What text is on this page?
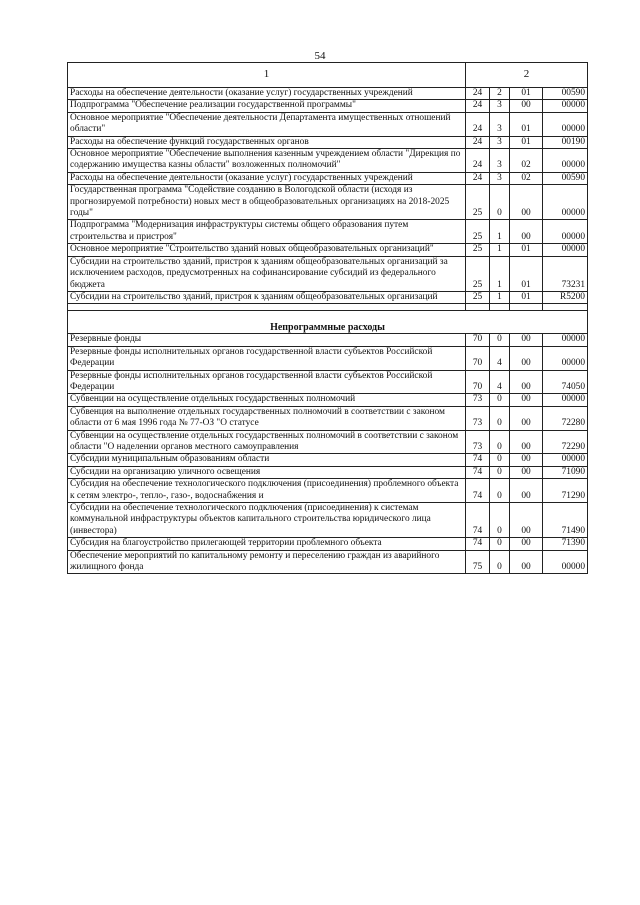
54
1	2			
Расходы на обеспечение деятельности (оказание услуг) государственных учреждений	24	2	01	00590
Подпрограмма "Обеспечение реализации государственной программы"	24	3	00	00000
Основное мероприятие "Обеспечение деятельности Департамента имущественных отношений области"	24	3	01	00000
Расходы на обеспечение функций государственных органов	24	3	01	00190
Основное мероприятие "Обеспечение выполнения казенным учреждением области "Дирекция по содержанию имущества казны области" возложенных полномочий"	24	3	02	00000
Расходы на обеспечение деятельности (оказание услуг) государственных учреждений	24	3	02	00590
Государственная программа "Содействие созданию в Вологодской области (исходя из прогнозируемой потребности) новых мест в общеобразовательных организациях на 2018-2025 годы"	25	0	00	00000
Подпрограмма "Модернизация инфраструктуры системы общего образования путем строительства и пристроя"	25	1	00	00000
Основное мероприятие "Строительство зданий новых общеобразовательных организаций"	25	1	01	00000
Субсидии на строительство зданий, пристроя к зданиям общеобразовательных организаций за исключением расходов, предусмотренных на софинансирование субсидий из федерального бюджета	25	1	01	73231
Субсидии на строительство зданий, пристроя к зданиям общеобразовательных организаций	25	1	01	R5200

Непрограммные расходы				
Резервные фонды	70	0	00	00000
Резервные фонды исполнительных органов государственной власти субъектов Российской Федерации	70	4	00	00000
Резервные фонды исполнительных органов государственной власти субъектов Российской Федерации	70	4	00	74050
Субвенции на осуществление отдельных государственных полномочий	73	0	00	00000
Субвенция на выполнение отдельных государственных полномочий в соответствии с законом области от 6 мая 1996 года № 77-ОЗ "О статусе	73	0	00	72280
Субвенции на осуществление отдельных государственных полномочий в соответствии с законом области "О наделении органов местного самоуправления	73	0	00	72290
Субсидии муниципальным образованиям области	74	0	00	00000
Субсидии на организацию уличного освещения	74	0	00	71090
Субсидия на обеспечение технологического подключения (присоединения) проблемного объекта к сетям электро-, тепло-, газо-, водоснабжения и	74	0	00	71290
Субсидии на обеспечение технологического подключения (присоединения) к системам коммунальной инфраструктуры объектов капитального строительства юридического лица (инвестора)	74	0	00	71490
Субсидия на благоустройство прилегающей территории проблемного объекта	74	0	00	71390
Обеспечение мероприятий по капитальному ремонту и переселению граждан из аварийного жилищного фонда	75	0	00	00000
